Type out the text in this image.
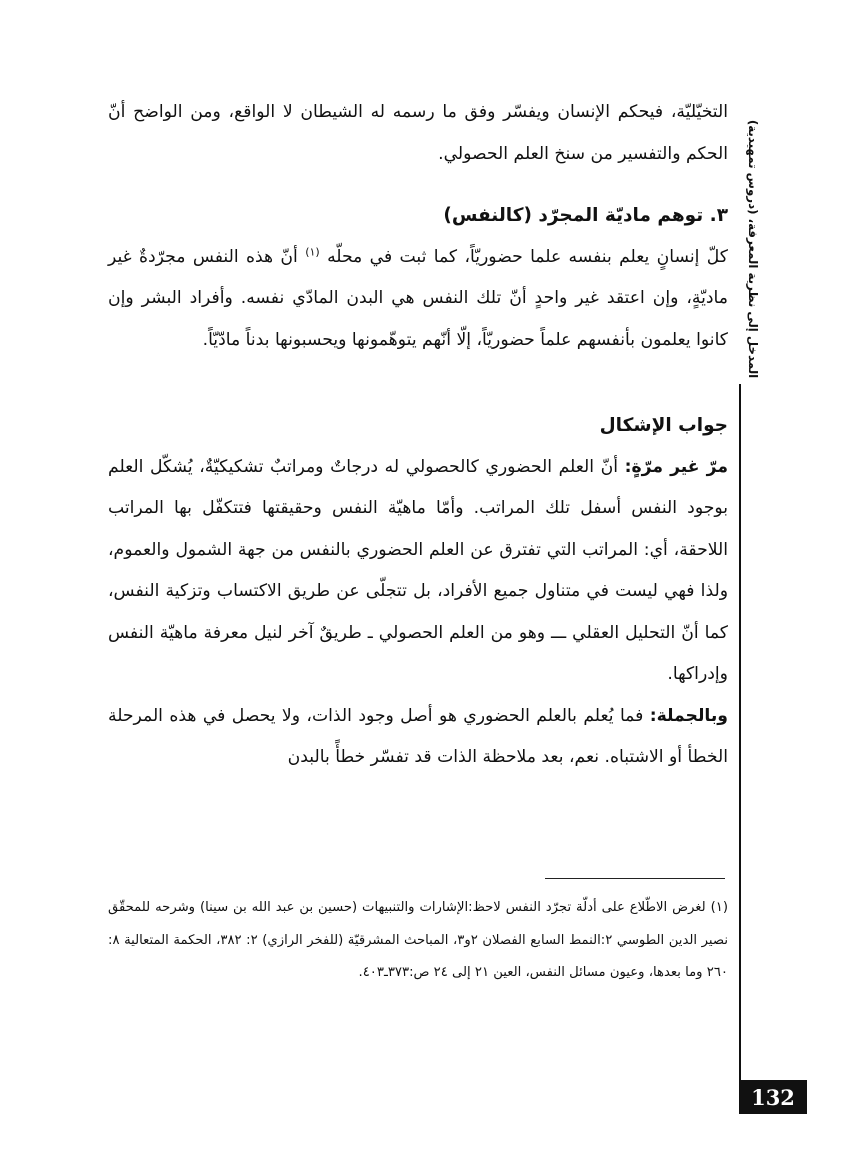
المدخل إلى نظرية المعرفة، (دروس تمهيدية)

التخيّليّة، فيحكم الإنسان ويفسّر وفق ما رسمه له الشيطان لا الواقع، ومن الواضح أنّ الحكم والتفسير من سنخ العلم الحصولي.

٣. توهم ماديّة المجرّد (كالنفس)

كلّ إنسانٍ يعلم بنفسه علما حضوريّاً، كما ثبت في محلّه $^{(١)}$ أنّ هذه النفس مجرّدةٌ غير ماديّةٍ، وإن اعتقد غير واحدٍ أنّ تلك النفس هي البدن المادّي نفسه. وأفراد البشر وإن كانوا يعلمون بأنفسهم علماً حضوريّاً، إلّا أنّهم يتوهّمونها ويحسبونها بدناً مادّيّاً.

جواب الإشكال

مرّ غير مرّةٍ: أنّ العلم الحضوري كالحصولي له درجاتٌ ومراتبٌ تشكيكيّةٌ، يُشكّل العلم بوجود النفس أسفل تلك المراتب. وأمّا ماهيّة النفس وحقيقتها فتتكفّل بها المراتب اللاحقة، أي: المراتب التي تفترق عن العلم الحضوري بالنفس من جهة الشمول والعموم، ولذا فهي ليست في متناول جميع الأفراد، بل تتجلّى عن طريق الاكتساب وتزكية النفس، كما أنّ التحليل العقلي ـــ وهو من العلم الحصولي ـ طريقٌ آخر لنيل معرفة ماهيّة النفس وإدراكها.

وبالجملة: فما يُعلم بالعلم الحضوري هو أصل وجود الذات، ولا يحصل في هذه المرحلة الخطأ أو الاشتباه. نعم، بعد ملاحظة الذات قد تفسّر خطأً بالبدن

(١) لغرض الاطّلاع على أدلّة تجرّد النفس لاحظ:الإشارات والتنبيهات (حسين بن عبد الله بن سينا) وشرحه للمحقّق نصير الدين الطوسي ٢:النمط السابع الفصلان ٢و٣، المباحث المشرقيّة (للفخر الرازي) ٢: ٣٨٢، الحكمة المتعالية ٨: ٢٦٠ وما بعدها، وعيون مسائل النفس، العين ٢١ إلى ٢٤ ص:٣٧٣ـ٤٠٣.

132
